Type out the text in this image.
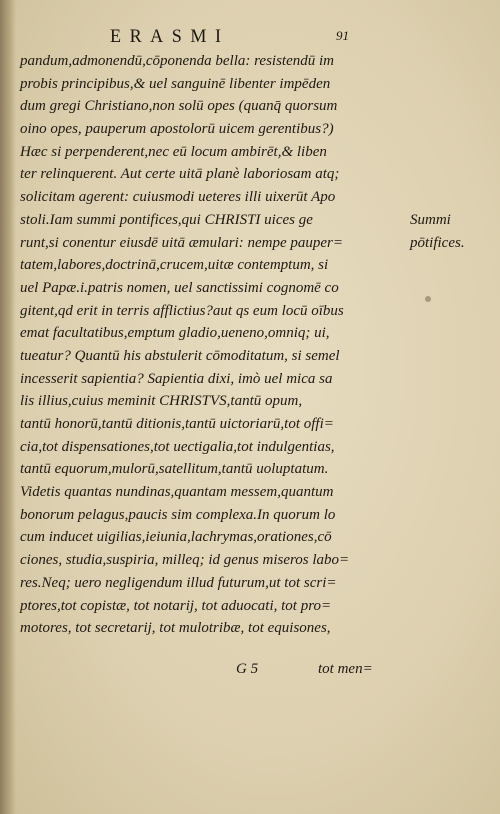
ERASMI	91
pandum,admonendū,cōponenda bella: resistendū im
probis principibus,& uel sanguinē libenter impēden
dum gregi Christiano,non solū opes (quanq̄ quorsum
oino opes, pauperum apostolorū uicem gerentibus?)
Hæc si perpenderent,nec eū locum ambirēt,& liben
ter relinquerent. Aut certe uitā planè laboriosam atq;
solicitam agerent: cuiusmodi ueteres illi uixerūt Apo
stoli.Iam summi pontifices,qui CHRISTI uices ge
runt,si conentur eiusdē uitā æmulari: nempe pauper=
tatem,labores,doctrinā,crucem,uitæ contemptum, si
uel Papæ.i.patris nomen, uel sanctissimi cognomē co
gitent,qd erit in terris afflictius?aut qs eum locū oībus
emat facultatibus,emptum gladio,ueneno,omniq; ui,
tueatur? Quantū his abstulerit cōmoditatum, si semel
incesserit sapientia? Sapientia dixi, imò uel mica sa
lis illius,cuius meminit CHRISTVS,tantū opum,
tantū honorū,tantū ditionis,tantū uictoriarū,tot offi=
cia,tot dispensationes,tot uectigalia,tot indulgentias,
tantū equorum,mulorū,satellitum,tantū uoluptatum.
Videtis quantas nundinas,quantam messem,quantum
bonorum pelagus,paucis sim complexa.In quorum lo
cum inducet uigilias,ieiunia,lachrymas,orationes,cō
ciones, studia,suspiria, milleq; id genus miseros labo=
res.Neq; uero negligendum illud futurum,ut tot scri=
ptores,tot copistæ, tot notarij, tot aduocati, tot pro=
motores, tot secretarij, tot mulotribæ, tot equisones,
Summi
pōtifices.
G 5	tot men=
